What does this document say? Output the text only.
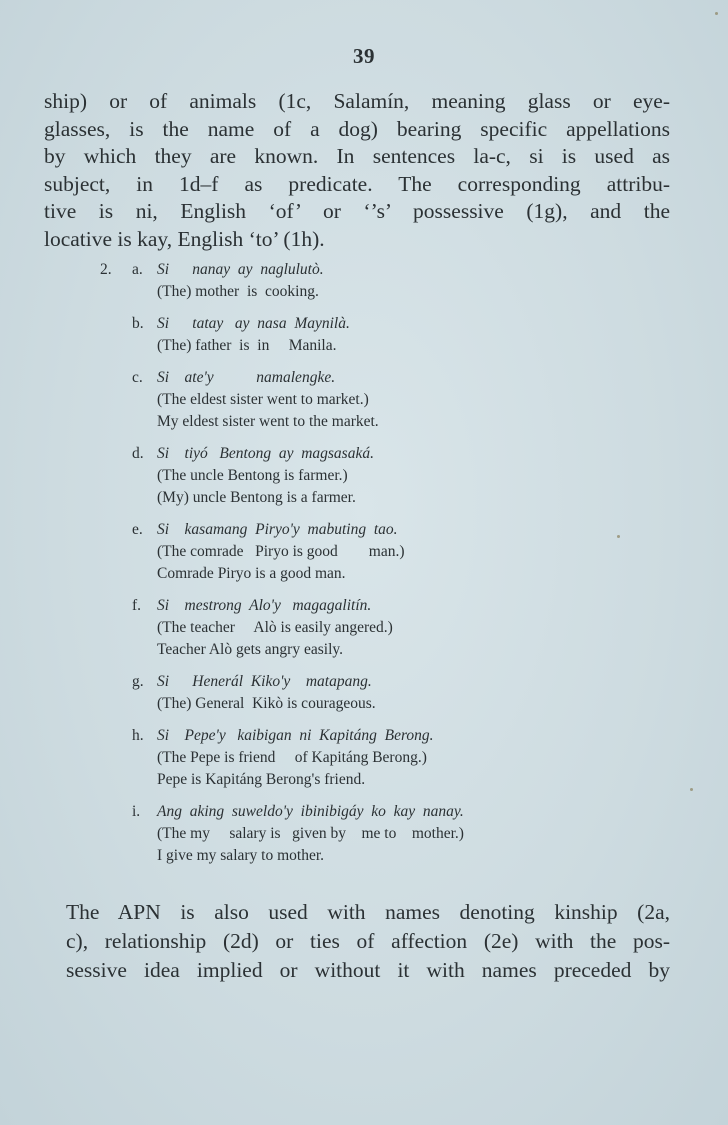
39
ship) or of animals (1c, Salamín, meaning glass or eye-
glasses, is the name of a dog) bearing specific appellations
by which they are known. In sentences la-c, si is used as
subject, in 1d–f as predicate. The corresponding attribu-
tive is ni, English ‘of’ or ‘’s’ possessive (1g), and the
locative is kay, English ‘to’ (1h).
2. a. Si      nanay  ay  naglulutò.
(The) mother  is  cooking.
b. Si      tatay   ay  nasa  Maynilà.
(The) father  is  in     Manila.
c. Si    ate'y           namalengke.
(The eldest sister went to market.)
My eldest sister went to the market.
d. Si    tiyó   Bentong  ay  magsasaká.
(The uncle Bentong is farmer.)
(My) uncle Bentong is a farmer.
e. Si    kasamang  Piryo'y  mabuting  tao.
(The comrade   Piryo is good        man.)
Comrade Piryo is a good man.
f. Si    mestrong  Alo'y   magagalitín.
(The teacher     Alò is easily angered.)
Teacher Alò gets angry easily.
g. Si      Henerál  Kiko'y    matapang.
(The) General  Kikò is courageous.
h. Si    Pepe'y   kaibigan  ni  Kapitáng  Berong.
(The Pepe is friend     of Kapitáng Berong.)
Pepe is Kapitáng Berong's friend.
i. Ang  aking  suweldo'y  ibinibigáy  ko  kay  nanay.
(The my     salary is   given by    me to    mother.)
I give my salary to mother.
The APN is also used with names denoting kinship (2a,
c), relationship (2d) or ties of affection (2e) with the pos-
sessive idea implied or without it with names preceded by
